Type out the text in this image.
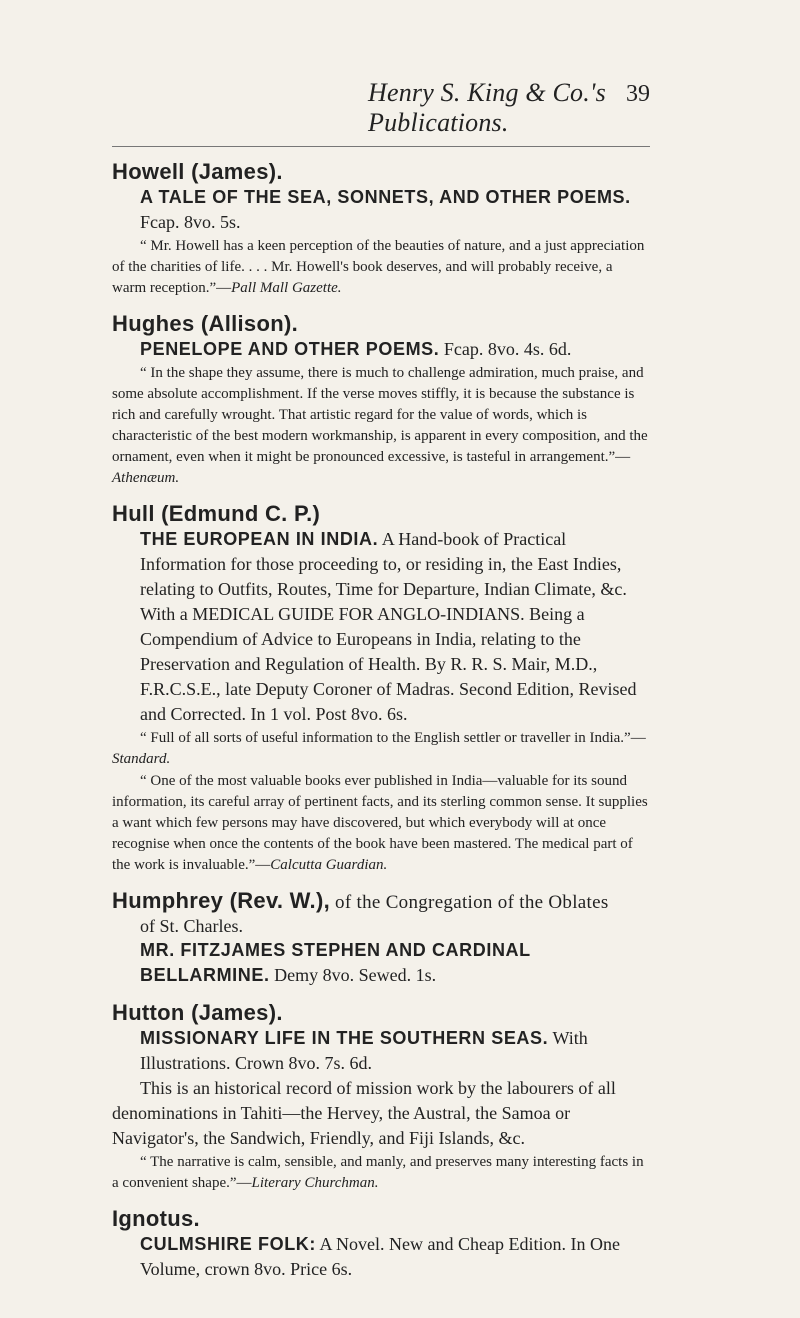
Henry S. King & Co.'s Publications.
39
Howell (James).
A TALE OF THE SEA, SONNETS, AND OTHER POEMS. Fcap. 8vo. 5s.
“ Mr. Howell has a keen perception of the beauties of nature, and a just appreciation of the charities of life. . . . Mr. Howell's book deserves, and will probably receive, a warm reception.”—Pall Mall Gazette.
Hughes (Allison).
PENELOPE AND OTHER POEMS. Fcap. 8vo. 4s. 6d.
“ In the shape they assume, there is much to challenge admiration, much praise, and some absolute accomplishment. If the verse moves stiffly, it is because the substance is rich and carefully wrought. That artistic regard for the value of words, which is characteristic of the best modern workmanship, is apparent in every composition, and the ornament, even when it might be pronounced excessive, is tasteful in arrangement.”—Athenæum.
Hull (Edmund C. P.)
THE EUROPEAN IN INDIA. A Hand-book of Practical Information for those proceeding to, or residing in, the East Indies, relating to Outfits, Routes, Time for Departure, Indian Climate, &c. With a MEDICAL GUIDE FOR ANGLO-INDIANS. Being a Compendium of Advice to Europeans in India, relating to the Preservation and Regulation of Health. By R. R. S. Mair, M.D., F.R.C.S.E., late Deputy Coroner of Madras. Second Edition, Revised and Corrected. In 1 vol. Post 8vo. 6s.
“ Full of all sorts of useful information to the English settler or traveller in India.”—Standard.
“ One of the most valuable books ever published in India—valuable for its sound information, its careful array of pertinent facts, and its sterling common sense. It supplies a want which few persons may have discovered, but which everybody will at once recognise when once the contents of the book have been mastered. The medical part of the work is invaluable.”—Calcutta Guardian.
Humphrey (Rev. W.), of the Congregation of the Oblates
of St. Charles.
MR. FITZJAMES STEPHEN AND CARDINAL BELLARMINE. Demy 8vo. Sewed. 1s.
Hutton (James).
MISSIONARY LIFE IN THE SOUTHERN SEAS. With Illustrations. Crown 8vo. 7s. 6d.
This is an historical record of mission work by the labourers of all denominations in Tahiti—the Hervey, the Austral, the Samoa or Navigator's, the Sandwich, Friendly, and Fiji Islands, &c.
“ The narrative is calm, sensible, and manly, and preserves many interesting facts in a convenient shape.”—Literary Churchman.
Ignotus.
CULMSHIRE FOLK: A Novel. New and Cheap Edition. In One Volume, crown 8vo. Price 6s.
